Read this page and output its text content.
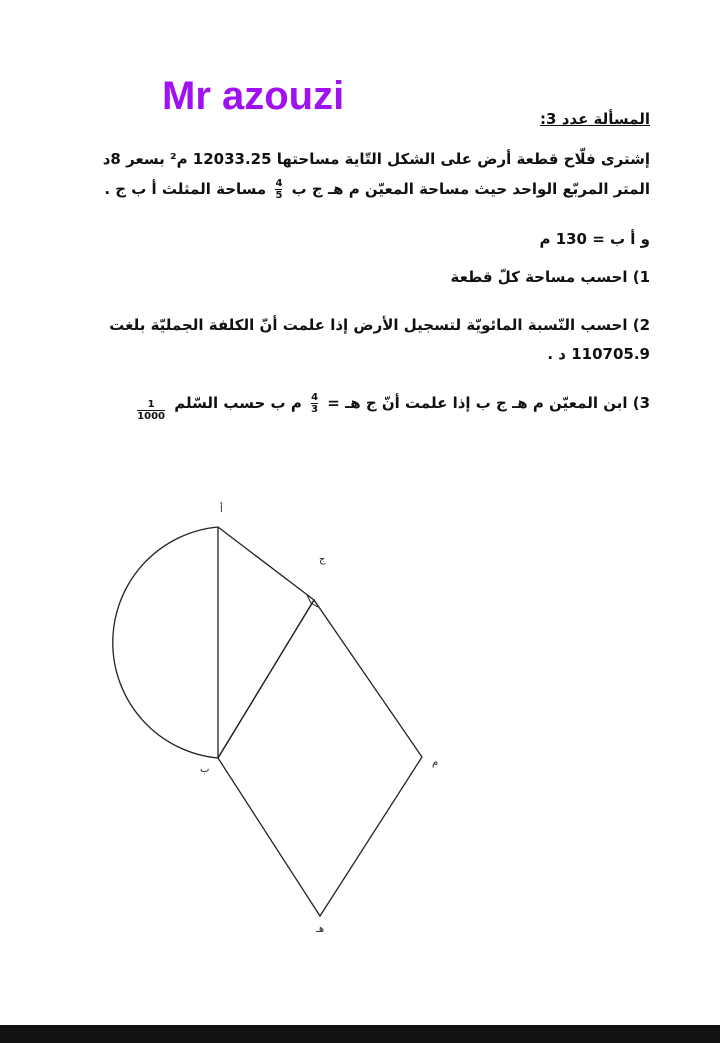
Mr azouzi
المسألة عدد 3:
إشترى فلّاح قطعة أرض على الشكل التّاية مساحتها 12033.25 م² بسعر 8د
المتر المربّع الواحد حيث مساحة المعيّن م هـ ج ب
$\frac{4}{5}$
مساحة المثلث أ ب ج .
و أ ب = 130 م
1) احسب مساحة كلّ قطعة
2) احسب النّسبة المائويّة لتسجيل الأرض إذا علمت أنّ الكلفة الجمليّة بلغت
110705.9 د .
3) ابن المعيّن م هـ ج ب إذا علمت أنّ ج هـ =
$\frac{4}{3}$
م ب حسب السّلم
$\frac{1}{1000}$
أ
ج
م
ب
هـ
